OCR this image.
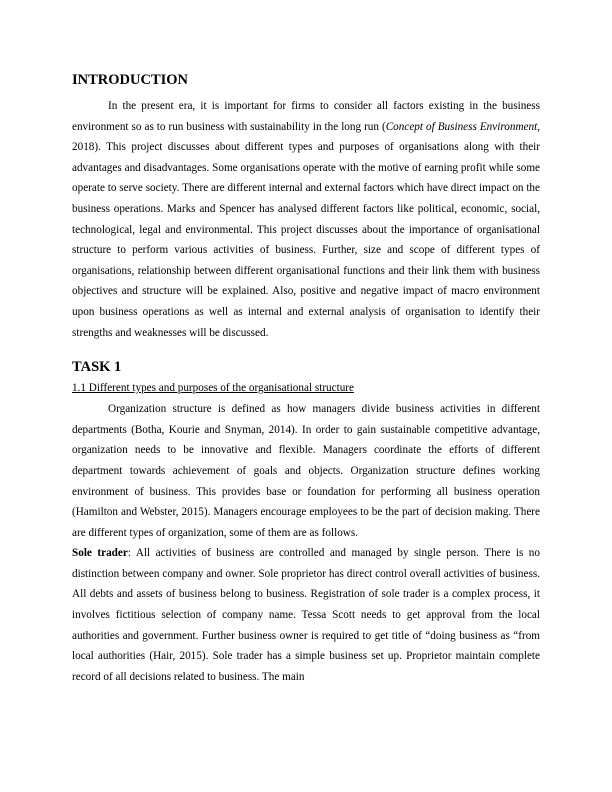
INTRODUCTION

In the present era, it is important for firms to consider all factors existing in the business environment so as to run business with sustainability in the long run (Concept of Business Environment, 2018). This project discusses about different types and purposes of organisations along with their advantages and disadvantages. Some organisations operate with the motive of earning profit while some operate to serve society. There are different internal and external factors which have direct impact on the business operations. Marks and Spencer has analysed different factors like political, economic, social, technological, legal and environmental. This project discusses about the importance of organisational structure to perform various activities of business. Further, size and scope of different types of organisations, relationship between different organisational functions and their link them with business objectives and structure will be explained. Also, positive and negative impact of macro environment upon business operations as well as internal and external analysis of organisation to identify their strengths and weaknesses will be discussed.

TASK 1
1.1 Different types and purposes of the organisational structure

Organization structure is defined as how managers divide business activities in different departments (Botha, Kourie and Snyman, 2014). In order to gain sustainable competitive advantage, organization needs to be innovative and flexible. Managers coordinate the efforts of different department towards achievement of goals and objects. Organization structure defines working environment of business. This provides base or foundation for performing all business operation (Hamilton and Webster, 2015). Managers encourage employees to be the part of decision making. There are different types of organization, some of them are as follows.

Sole trader: All activities of business are controlled and managed by single person. There is no distinction between company and owner. Sole proprietor has direct control overall activities of business. All debts and assets of business belong to business. Registration of sole trader is a complex process, it involves fictitious selection of company name. Tessa Scott needs to get approval from the local authorities and government. Further business owner is required to get title of “doing business as “from local authorities (Hair, 2015). Sole trader has a simple business set up. Proprietor maintain complete record of all decisions related to business. The main
